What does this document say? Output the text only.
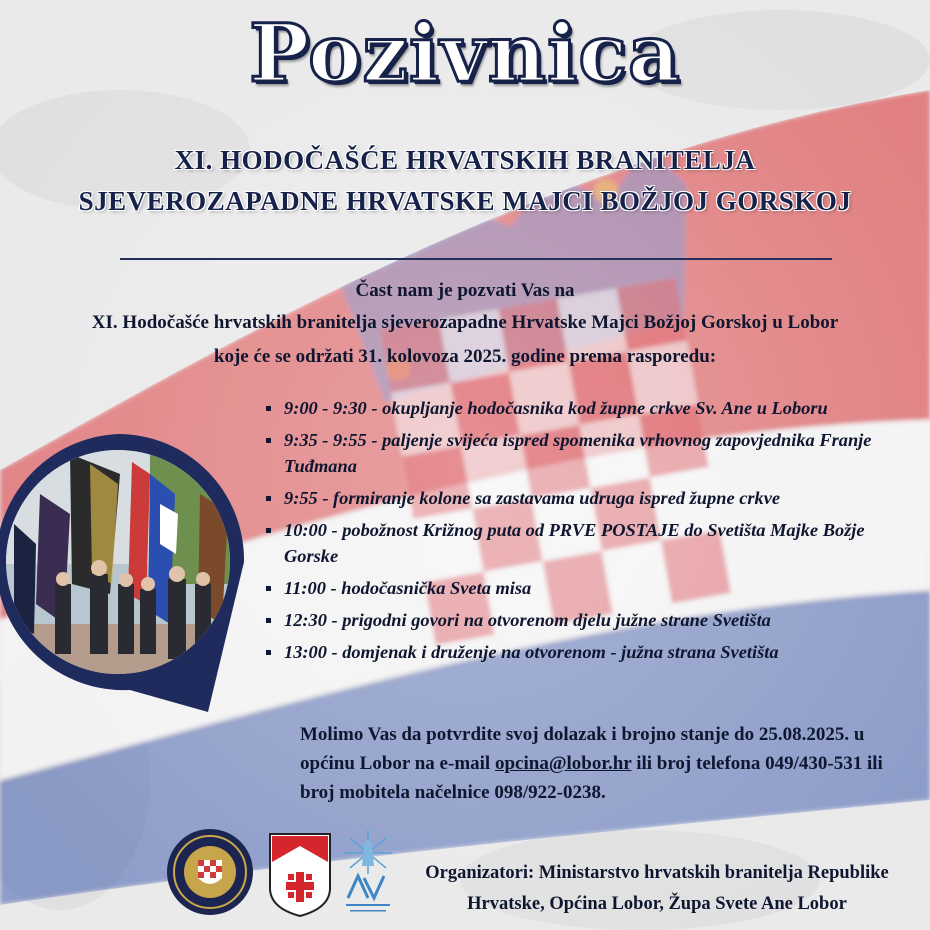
Pozivnica
XI. HODOČAŠĆE HRVATSKIH BRANITELJA
SJEVEROZAPADNE HRVATSKE MAJCI BOŽJOJ GORSKOJ
Čast nam je pozvati Vas na
XI. Hodočašće hrvatskih branitelja sjeverozapadne Hrvatske Majci Božjoj Gorskoj u Lobor
koje će se održati 31. kolovoza 2025. godine prema rasporedu:
9:00 - 9:30 - okupljanje hodočasnika kod župne crkve Sv. Ane u Loboru
9:35 - 9:55 - paljenje svijeća ispred spomenika vrhovnog zapovjednika Franje Tuđmana
9:55 - formiranje kolone sa zastavama udruga ispred župne crkve
10:00 - pobožnost Križnog puta od PRVE POSTAJE do Svetišta Majke Božje Gorske
11:00 - hodočasnička Sveta misa
12:30 - prigodni govori na otvorenom djelu južne strane Svetišta
13:00 - domjenak i druženje na otvorenom - južna strana Svetišta
Molimo Vas da potvrdite svoj dolazak i brojno stanje do 25.08.2025. u općinu Lobor na e-mail opcina@lobor.hr ili broj telefona 049/430-531 ili broj mobitela načelnice 098/922-0238.
Organizatori: Ministarstvo hrvatskih branitelja Republike
Hrvatske, Općina Lobor, Župa Svete Ane Lobor
